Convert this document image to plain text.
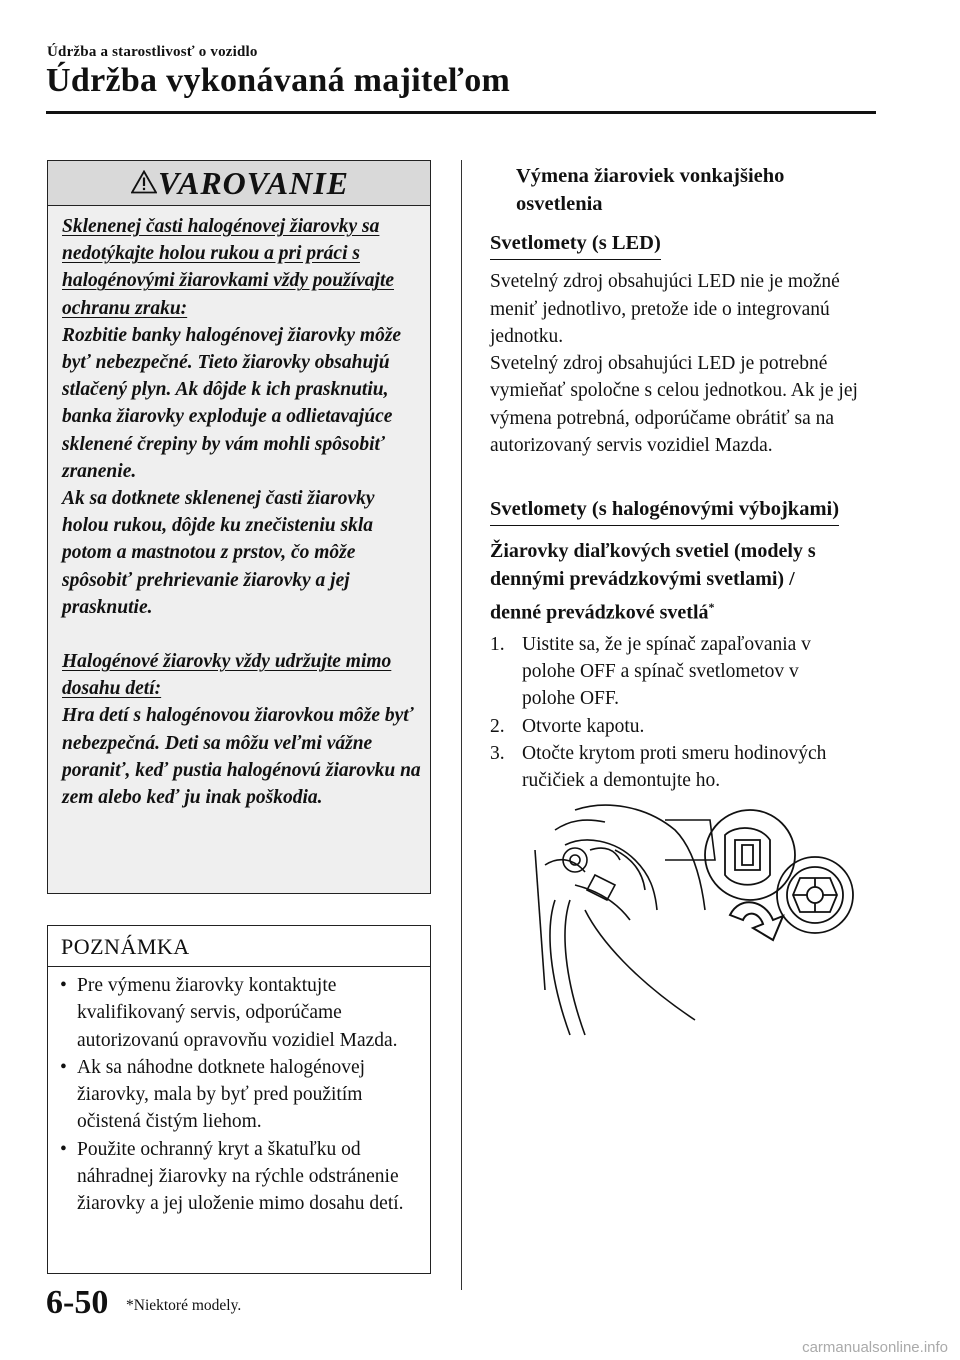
Údržba a starostlivosť o vozidlo
Údržba vykonávaná majiteľom
VAROVANIE

Sklenenej časti halogénovej žiarovky sa nedotýkajte holou rukou a pri práci s halogénovými žiarovkami vždy používajte ochranu zraku:

Rozbitie banky halogénovej žiarovky môže byť nebezpečné. Tieto žiarovky obsahujú stlačený plyn. Ak dôjde k ich prasknutiu, banka žiarovky exploduje a odlietavajúce sklenené črepiny by vám mohli spôsobiť zranenie.

Ak sa dotknete sklenenej časti žiarovky holou rukou, dôjde ku znečisteniu skla potom a mastnotou z prstov, čo môže spôsobiť prehrievanie žiarovky a jej prasknutie.

Halogénové žiarovky vždy udržujte mimo dosahu detí:

Hra detí s halogénovou žiarovkou môže byť nebezpečná. Deti sa môžu veľmi vážne poraniť, keď pustia halogénovú žiarovku na zem alebo keď ju inak poškodia.

POZNÁMKA
• Pre výmenu žiarovky kontaktujte kvalifikovaný servis, odporúčame autorizovanú opravovňu vozidiel Mazda.
• Ak sa náhodne dotknete halogénovej žiarovky, mala by byť pred použitím očistená čistým liehom.
• Použite ochranný kryt a škatuľku od náhradnej žiarovky na rýchle odstránenie žiarovky a jej uloženie mimo dosahu detí.
Výmena žiaroviek vonkajšieho osvetlenia
Svetlomety (s LED)
Svetelný zdroj obsahujúci LED nie je možné meniť jednotlivo, pretože ide o integrovanú jednotku.
Svetelný zdroj obsahujúci LED je potrebné vymieňať spoločne s celou jednotkou. Ak je jej výmena potrebná, odporúčame obrátiť sa na autorizovaný servis vozidiel Mazda.
Svetlomety (s halogénovými výbojkami)
Žiarovky diaľkových svetiel (modely s dennými prevádzkovými svetlami) / denné prevádzkové svetlá*
1. Uistite sa, že je spínač zapaľovania v polohe OFF a spínač svetlometov v polohe OFF.
2. Otvorte kapotu.
3. Otočte krytom proti smeru hodinových ručičiek a demontujte ho.
6-50 *Niektoré modely.
carmanualsonline.info
